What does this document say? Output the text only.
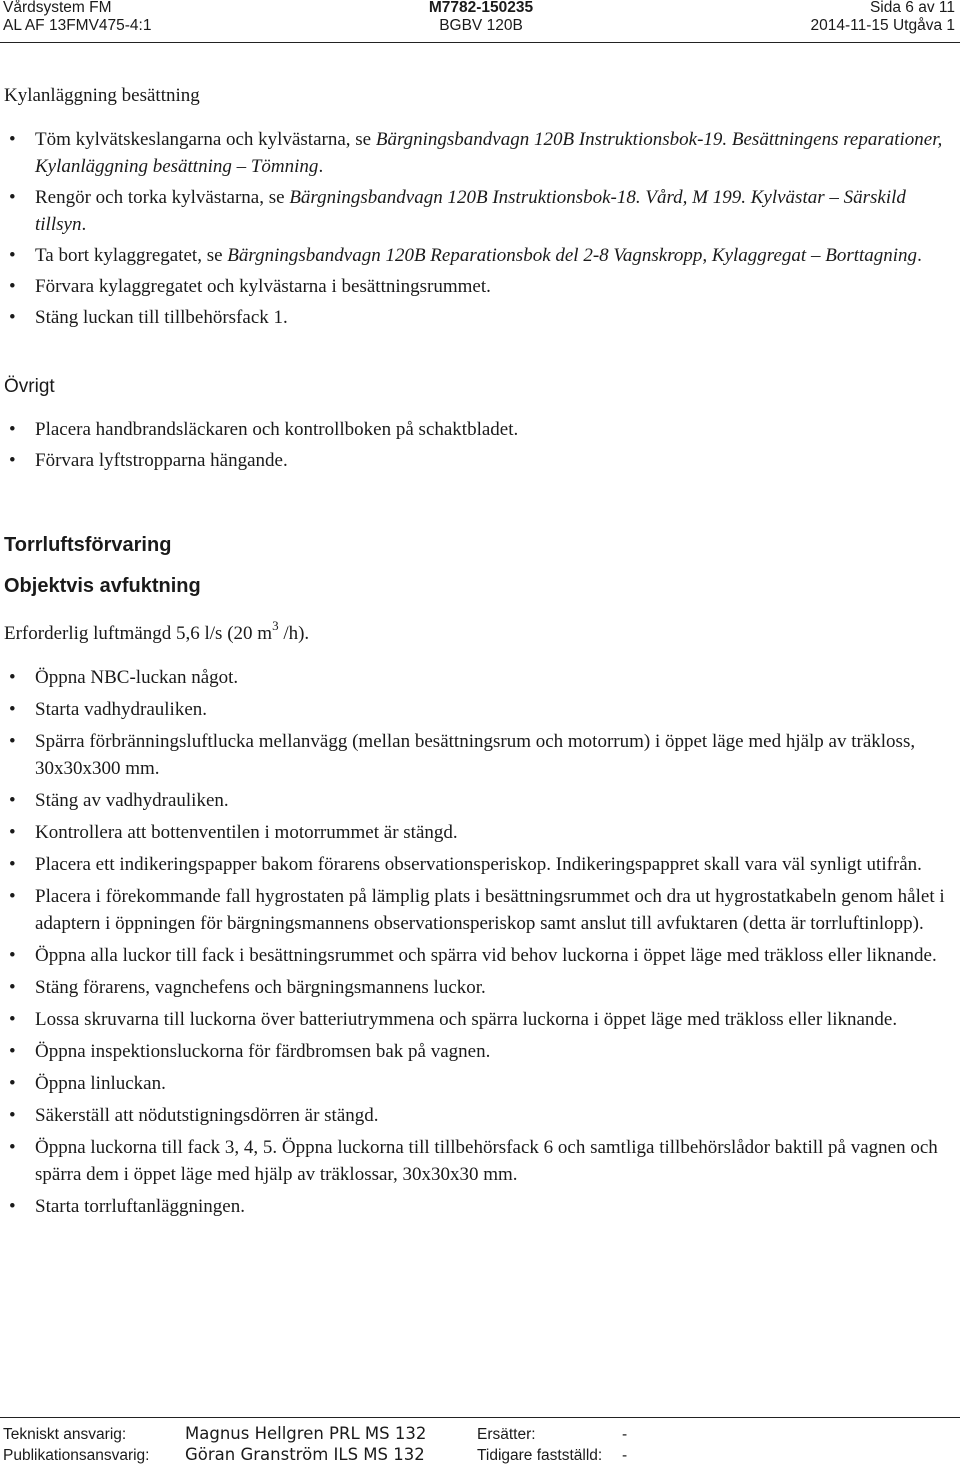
Vårdsystem FM	M7782-150235	Sida 6 av 11
AL AF 13FMV475-4:1	BGBV 120B	2014-11-15 Utgåva 1
Kylanläggning besättning
• Töm kylvätskeslangarna och kylvästarna, se Bärgningsbandvagn 120B Instruktionsbok-19. Besättningens reparationer, Kylanläggning besättning – Tömning.
• Rengör och torka kylvästarna, se Bärgningsbandvagn 120B Instruktionsbok-18. Vård, M 199. Kylvästar – Särskild tillsyn.
• Ta bort kylaggregatet, se Bärgningsbandvagn 120B Reparationsbok del 2-8 Vagnskropp, Kylaggregat – Borttagning.
• Förvara kylaggregatet och kylvästarna i besättningsrummet.
• Stäng luckan till tillbehörsfack 1.
Övrigt
• Placera handbrandsläckaren och kontrollboken på schaktbladet.
• Förvara lyftstropparna hängande.
Torrluftsförvaring
Objektvis avfuktning
Erforderlig luftmängd 5,6 l/s (20 $m^3$ /h).
• Öppna NBC-luckan något.
• Starta vadhydrauliken.
• Spärra förbränningsluftlucka mellanvägg (mellan besättningsrum och motorrum) i öppet läge med hjälp av träkloss, 30x30x300 mm.
• Stäng av vadhydrauliken.
• Kontrollera att bottenventilen i motorrummet är stängd.
• Placera ett indikeringspapper bakom förarens observationsperiskop. Indikeringspappret skall vara väl synligt utifrån.
• Placera i förekommande fall hygrostaten på lämplig plats i besättningsrummet och dra ut hygrostatkabeln genom hålet i adaptern i öppningen för bärgningsmannens observationsperiskop samt anslut till avfuktaren (detta är torrluftinlopp).
• Öppna alla luckor till fack i besättningsrummet och spärra vid behov luckorna i öppet läge med träkloss eller liknande.
• Stäng förarens, vagnchefens och bärgningsmannens luckor.
• Lossa skruvarna till luckorna över batteriutrymmena och spärra luckorna i öppet läge med träkloss eller liknande.
• Öppna inspektionsluckorna för färdbromsen bak på vagnen.
• Öppna linluckan.
• Säkerställ att nödutstigningsdörren är stängd.
• Öppna luckorna till fack 3, 4, 5. Öppna luckorna till tillbehörsfack 6 och samtliga tillbehörslådor baktill på vagnen och spärra dem i öppet läge med hjälp av träklossar, 30x30x30 mm.
• Starta torrluftanläggningen.
Tekniskt ansvarig:	Magnus Hellgren PRL MS 132	Ersätter:	-
Publikationsansvarig: Göran Granström ILS MS 132	Tidigare fastställd: -
